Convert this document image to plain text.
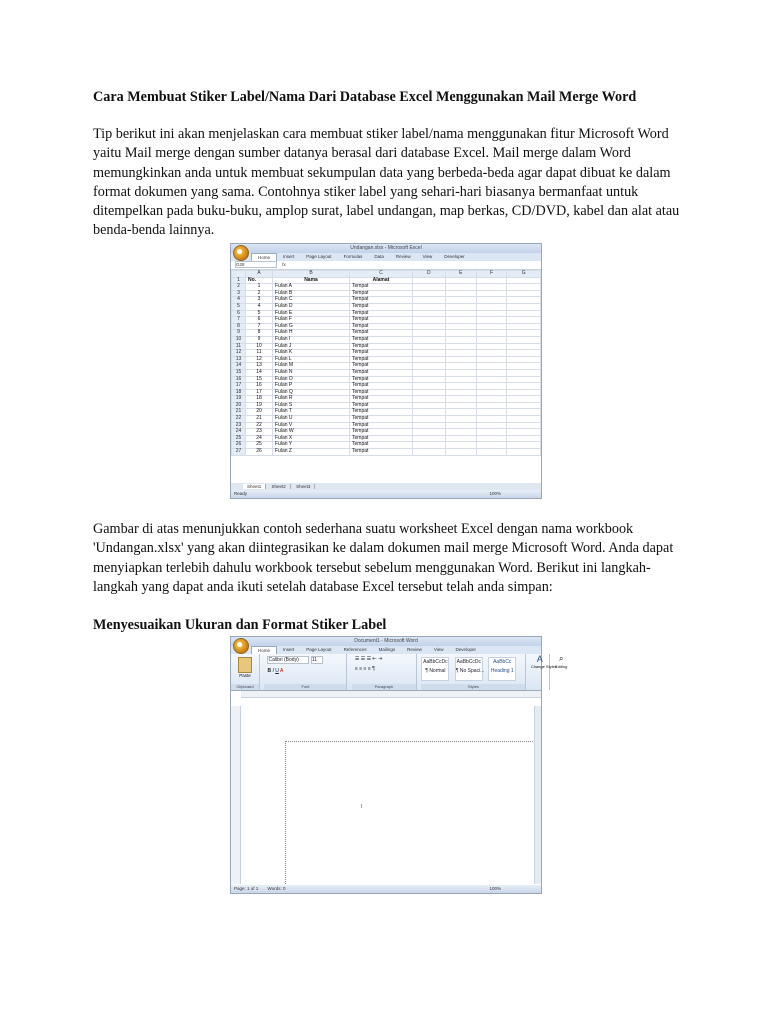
Cara Membuat Stiker Label/Nama Dari Database Excel Menggunakan Mail Merge Word
Tip berikut ini akan menjelaskan cara membuat stiker label/nama menggunakan fitur Microsoft Word yaitu Mail merge dengan sumber datanya berasal dari database Excel. Mail merge dalam Word memungkinkan anda untuk membuat sekumpulan data yang berbeda-beda agar dapat dibuat ke dalam format dokumen yang sama. Contohnya stiker label yang sehari-hari biasanya bermanfaat untuk ditempelkan pada buku-buku, amplop surat, label undangan, map berkas, CD/DVD, kabel dan alat atau benda-benda lainnya.
Undangan.xlsx - Microsoft Excel
Home	Insert	Page Layout	Formulas	Data	Review	View	Developer
G28	fx
	A	B	C	D	E	F	G
1	No.	Nama	Alamat				
2	1	Fulan A	Tempat				
3	2	Fulan B	Tempat				
4	3	Fulan C	Tempat				
5	4	Fulan D	Tempat				
6	5	Fulan E	Tempat				
7	6	Fulan F	Tempat				
8	7	Fulan G	Tempat				
9	8	Fulan H	Tempat				
10	9	Fulan I	Tempat				
11	10	Fulan J	Tempat				
12	11	Fulan K	Tempat				
13	12	Fulan L	Tempat				
14	13	Fulan M	Tempat				
15	14	Fulan N	Tempat				
16	15	Fulan O	Tempat				
17	16	Fulan P	Tempat				
18	17	Fulan Q	Tempat				
19	18	Fulan R	Tempat				
20	19	Fulan S	Tempat				
21	20	Fulan T	Tempat				
22	21	Fulan U	Tempat				
23	22	Fulan V	Tempat				
24	23	Fulan W	Tempat				
25	24	Fulan X	Tempat				
26	25	Fulan Y	Tempat				
27	26	Fulan Z	Tempat				
Sheet1 Sheet2 Sheet3
Ready	100%
Gambar di atas menunjukkan contoh sederhana suatu worksheet Excel dengan nama workbook 'Undangan.xlsx' yang akan diintegrasikan ke dalam dokumen mail merge Microsoft Word. Anda dapat menyiapkan terlebih dahulu workbook tersebut sebelum menggunakan Word. Berikut ini langkah-langkah yang dapat anda ikuti setelah database Excel tersebut telah anda simpan:
Menyesuaikan Ukuran dan Format Stiker Label
Document1 - Microsoft Word
Home	Insert	Page Layout	References	Mailings	Review	View	Developer
Paste
Clipboard

Calibri (Body)	11
B I U A
Font

☰ ☰ ☰ ⇤ ⇥
≡ ≡ ≡ ≡ ¶
Paragraph
AaBbCcDc
¶ Normal AaBbCcDc
¶ No Spaci... AaBbCc
Heading 1
Styles

A
Change Styles
⌕
Editing
I
Page: 1 of 1 Words: 0	100%
